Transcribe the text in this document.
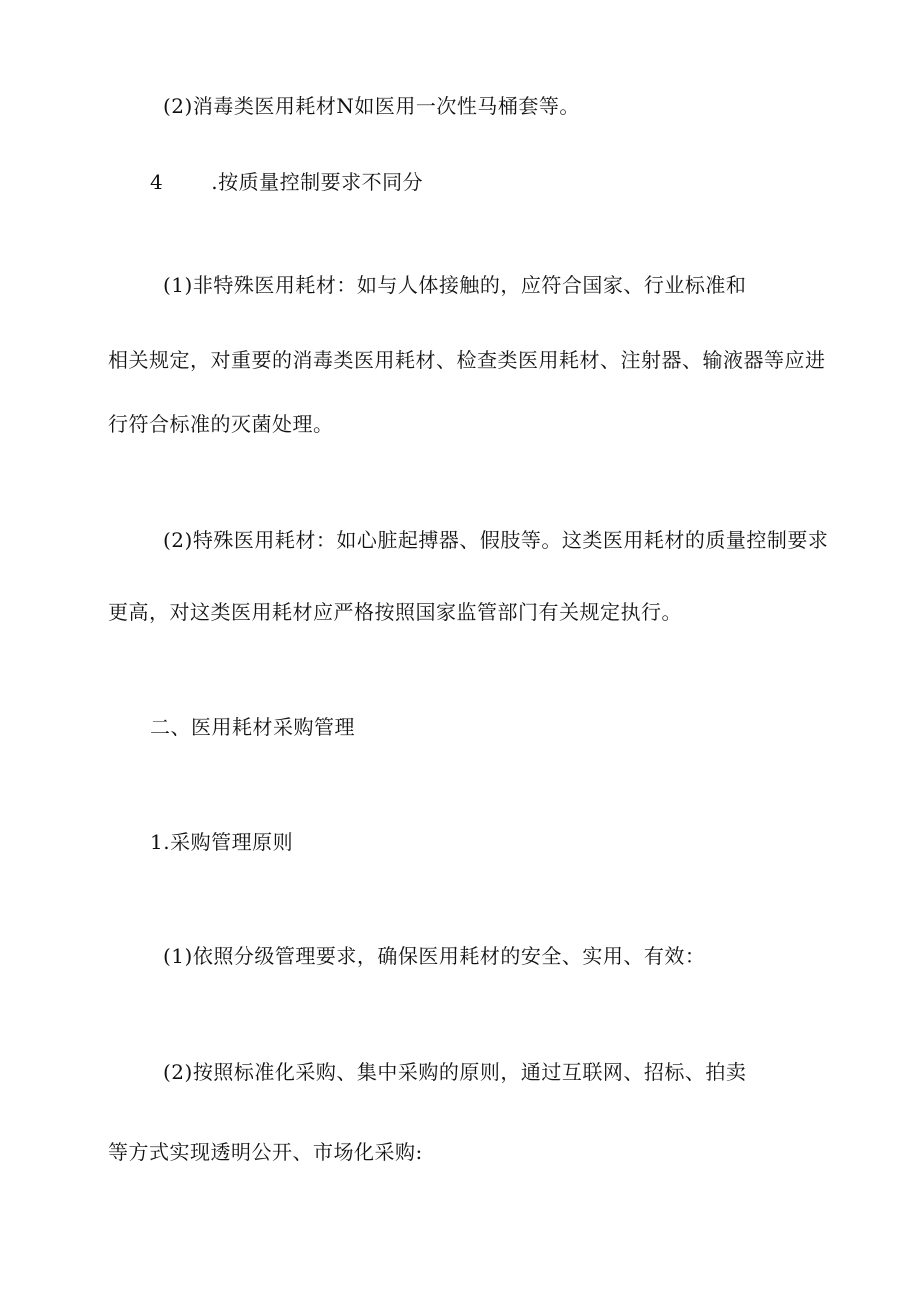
(2)消毒类医用耗材N如医用一次性马桶套等。
4 .按质量控制要求不同分
(1)非特殊医用耗材：如与人体接触的，应符合国家、行业标准和
相关规定，对重要的消毒类医用耗材、检查类医用耗材、注射器、输液器等应进
行符合标准的灭菌处理。
(2)特殊医用耗材：如心脏起搏器、假肢等。这类医用耗材的质量控制要求
更高，对这类医用耗材应严格按照国家监管部门有关规定执行。
二、医用耗材采购管理
1.采购管理原则
(1)依照分级管理要求，确保医用耗材的安全、实用、有效：
(2)按照标准化采购、集中采购的原则，通过互联网、招标、拍卖
等方式实现透明公开、市场化采购:
